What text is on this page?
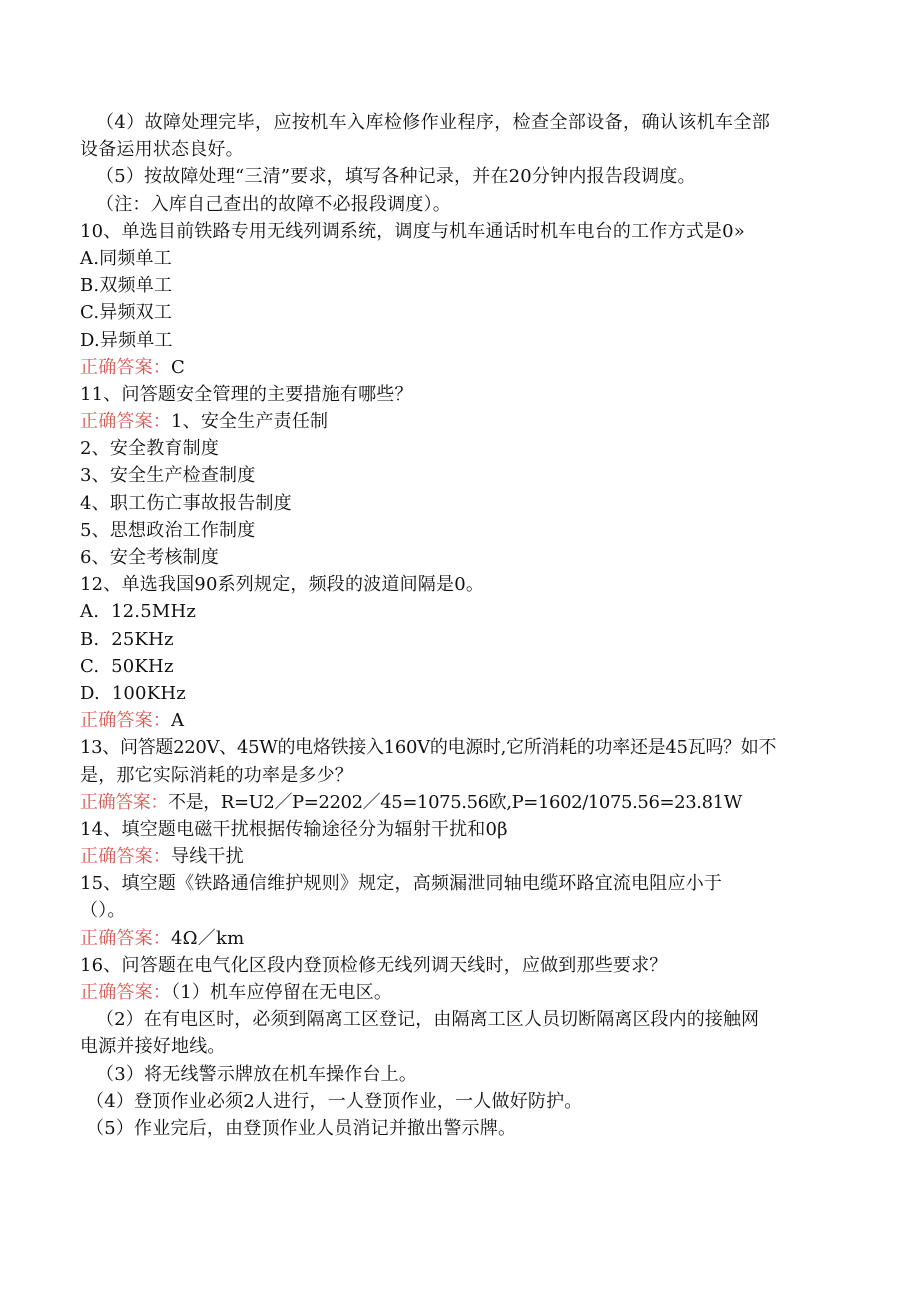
（4）故障处理完毕，应按机车入库检修作业程序，检查全部设备，确认该机车全部
设备运用状态良好。
（5）按故障处理“三清”要求，填写各种记录，并在20分钟内报告段调度。
（注：入库自己查出的故障不必报段调度）。
10、单选目前铁路专用无线列调系统，调度与机车通话时机车电台的工作方式是0»
A.同频单工
B.双频单工
C.异频双工
D.异频单工
正确答案：C
11、问答题安全管理的主要措施有哪些？
正确答案：1、安全生产责任制
2、安全教育制度
3、安全生产检查制度
4、职工伤亡事故报告制度
5、思想政治工作制度
6、安全考核制度
12、单选我国90系列规定，频段的波道间隔是0。
A.  12.5MHz
B.  25KHz
C.  50KHz
D.  100KHz
正确答案：A
13、问答题220V、45W的电烙铁接入160V的电源时,它所消耗的功率还是45瓦吗？如不
是，那它实际消耗的功率是多少？
正确答案：不是，R=U2／P=2202／45=1075.56欧,P=1602/1075.56=23.81W
14、填空题电磁干扰根据传输途径分为辐射干扰和0β
正确答案：导线干扰
15、填空题《铁路通信维护规则》规定，高频漏泄同轴电缆环路宜流电阻应小于
（）。
正确答案：4Ω／km
16、问答题在电气化区段内登顶检修无线列调天线时，应做到那些要求？
正确答案：（1）机车应停留在无电区。
（2）在有电区时，必须到隔离工区登记，由隔离工区人员切断隔离区段内的接触网
电源并接好地线。
（3）将无线警示牌放在机车操作台上。
（4）登顶作业必须2人进行，一人登顶作业，一人做好防护。
（5）作业完后，由登顶作业人员消记并撤出警示牌。
